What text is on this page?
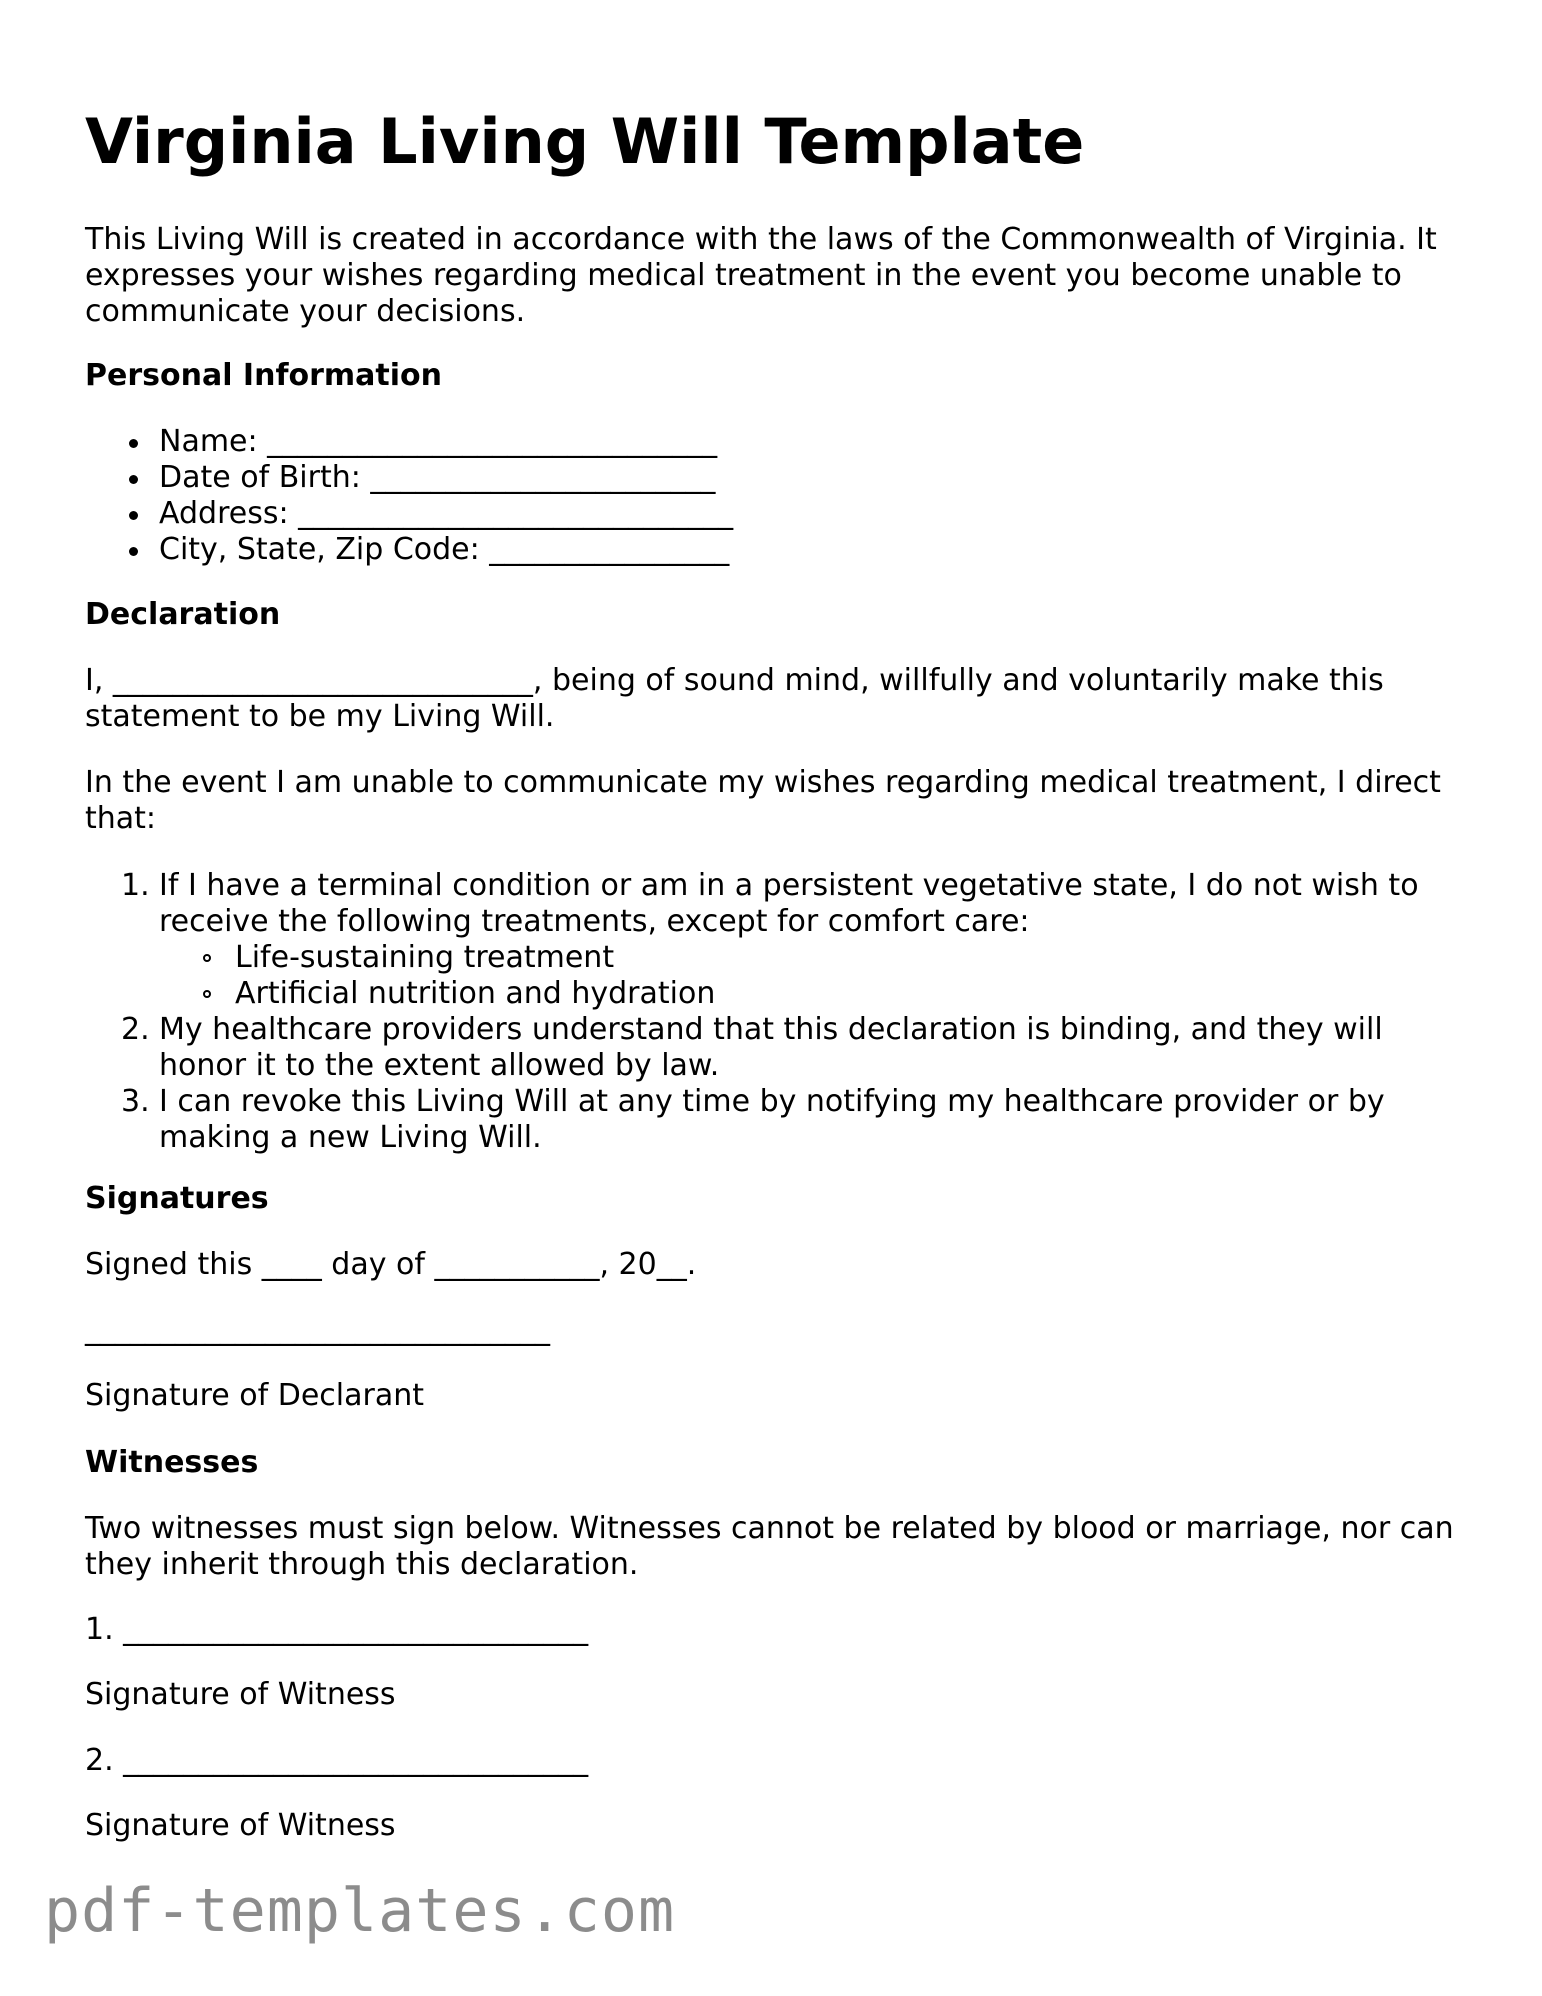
Virginia Living Will Template

This Living Will is created in accordance with the laws of the Commonwealth of Virginia. It expresses your wishes regarding medical treatment in the event you become unable to communicate your decisions.

Personal Information
Name: ______________________________
Date of Birth: _______________________
Address: _____________________________
City, State, Zip Code: ________________
Declaration

I, ____________________________, being of sound mind, willfully and voluntarily make this statement to be my Living Will.

In the event I am unable to communicate my wishes regarding medical treatment, I direct that:

1. If I have a terminal condition or am in a persistent vegetative state, I do not wish to receive the following treatments, except for comfort care:
Life-sustaining treatment
Artificial nutrition and hydration
2. My healthcare providers understand that this declaration is binding, and they will honor it to the extent allowed by law.
3. I can revoke this Living Will at any time by notifying my healthcare provider or by making a new Living Will.
Signatures

Signed this ____ day of ___________, 20__.

_______________________________

Signature of Declarant

Witnesses

Two witnesses must sign below. Witnesses cannot be related by blood or marriage, nor can they inherit through this declaration.

1. _______________________________

Signature of Witness

2. _______________________________

Signature of Witness

pdf-templates.com
